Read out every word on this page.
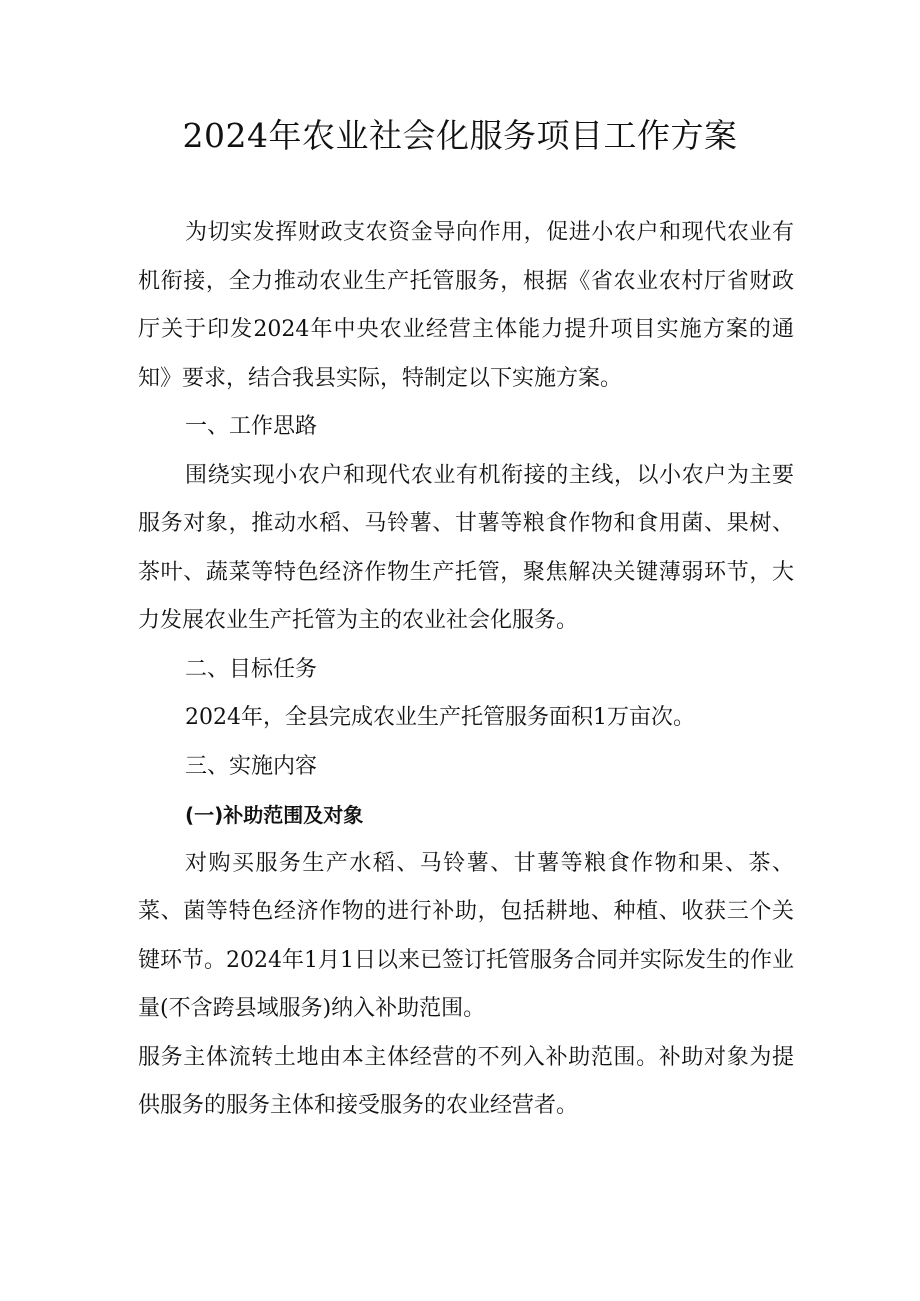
2024年农业社会化服务项目工作方案

为切实发挥财政支农资金导向作用，促进小农户和现代农业有机衔接，全力推动农业生产托管服务，根据《省农业农村厅省财政厅关于印发2024年中央农业经营主体能力提升项目实施方案的通知》要求，结合我县实际，特制定以下实施方案。

一、工作思路

围绕实现小农户和现代农业有机衔接的主线，以小农户为主要服务对象，推动水稻、马铃薯、甘薯等粮食作物和食用菌、果树、茶叶、蔬菜等特色经济作物生产托管，聚焦解决关键薄弱环节，大力发展农业生产托管为主的农业社会化服务。

二、目标任务

2024年，全县完成农业生产托管服务面积1万亩次。

三、实施内容

(一)补助范围及对象

对购买服务生产水稻、马铃薯、甘薯等粮食作物和果、茶、菜、菌等特色经济作物的进行补助，包括耕地、种植、收获三个关键环节。2024年1月1日以来已签订托管服务合同并实际发生的作业量(不含跨县域服务)纳入补助范围。

服务主体流转土地由本主体经营的不列入补助范围。补助对象为提供服务的服务主体和接受服务的农业经营者。
